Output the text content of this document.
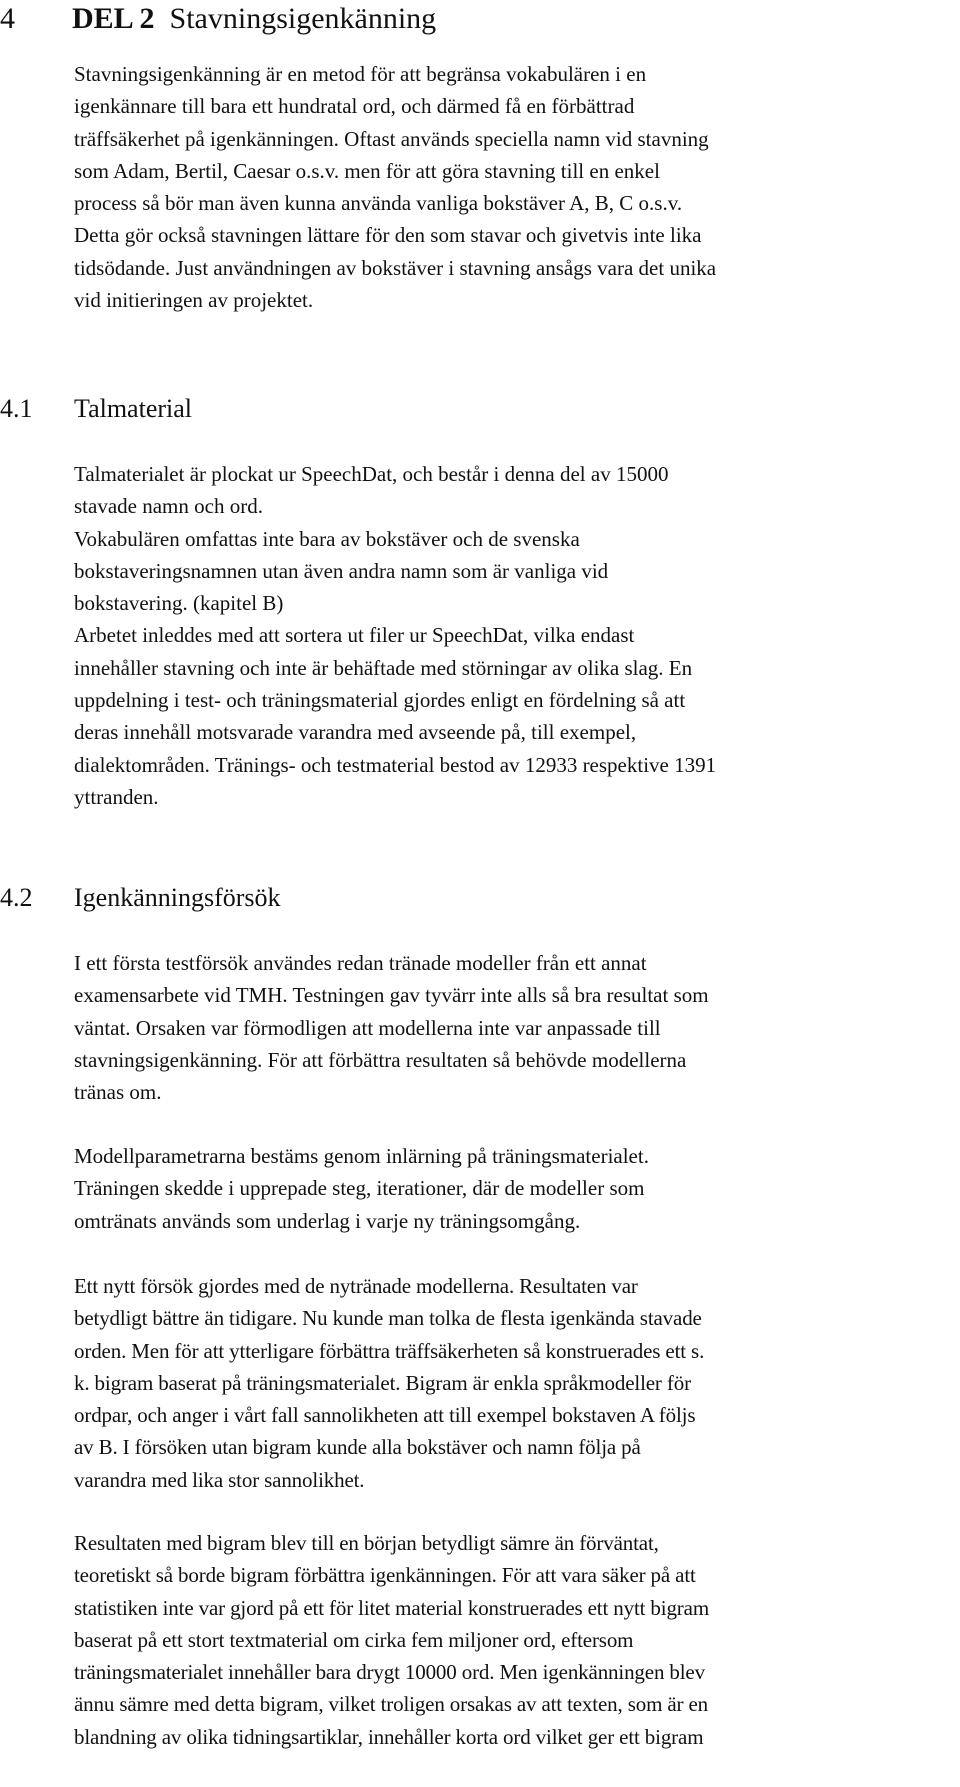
4 DEL 2 Stavningsigenkänning
Stavningsigenkänning är en metod för att begränsa vokabulären i en
igenkännare till bara ett hundratal ord, och därmed få en förbättrad
träffsäkerhet på igenkänningen. Oftast används speciella namn vid stavning
som Adam, Bertil, Caesar o.s.v. men för att göra stavning till en enkel
process så bör man även kunna använda vanliga bokstäver A, B, C o.s.v.
Detta gör också stavningen lättare för den som stavar och givetvis inte lika
tidsödande. Just användningen av bokstäver i stavning ansågs vara det unika
vid initieringen av projektet.
4.1 Talmaterial
Talmaterialet är plockat ur SpeechDat, och består i denna del av 15000
stavade namn och ord.
Vokabulären omfattas inte bara av bokstäver och de svenska
bokstaveringsnamnen utan även andra namn som är vanliga vid
bokstavering. (kapitel B)
Arbetet inleddes med att sortera ut filer ur SpeechDat, vilka endast
innehåller stavning och inte är behäftade med störningar av olika slag. En
uppdelning i test- och träningsmaterial gjordes enligt en fördelning så att
deras innehåll motsvarade varandra med avseende på, till exempel,
dialektområden. Tränings- och testmaterial bestod av 12933 respektive 1391
yttranden.
4.2 Igenkänningsförsök
I ett första testförsök användes redan tränade modeller från ett annat
examensarbete vid TMH. Testningen gav tyvärr inte alls så bra resultat som
väntat. Orsaken var förmodligen att modellerna inte var anpassade till
stavningsigenkänning. För att förbättra resultaten så behövde modellerna
tränas om.
Modellparametrarna bestäms genom inlärning på träningsmaterialet.
Träningen skedde i upprepade steg, iterationer, där de modeller som
omtränats används som underlag i varje ny träningsomgång.
Ett nytt försök gjordes med de nytränade modellerna. Resultaten var
betydligt bättre än tidigare. Nu kunde man tolka de flesta igenkända stavade
orden. Men för att ytterligare förbättra träffsäkerheten så konstruerades ett s.
k. bigram baserat på träningsmaterialet. Bigram är enkla språkmodeller för
ordpar, och anger i vårt fall sannolikheten att till exempel bokstaven A följs
av B. I försöken utan bigram kunde alla bokstäver och namn följa på
varandra med lika stor sannolikhet.
Resultaten med bigram blev till en början betydligt sämre än förväntat,
teoretiskt så borde bigram förbättra igenkänningen. För att vara säker på att
statistiken inte var gjord på ett för litet material konstruerades ett nytt bigram
baserat på ett stort textmaterial om cirka fem miljoner ord, eftersom
träningsmaterialet innehåller bara drygt 10000 ord. Men igenkänningen blev
ännu sämre med detta bigram, vilket troligen orsakas av att texten, som är en
blandning av olika tidningsartiklar, innehåller korta ord vilket ger ett bigram
